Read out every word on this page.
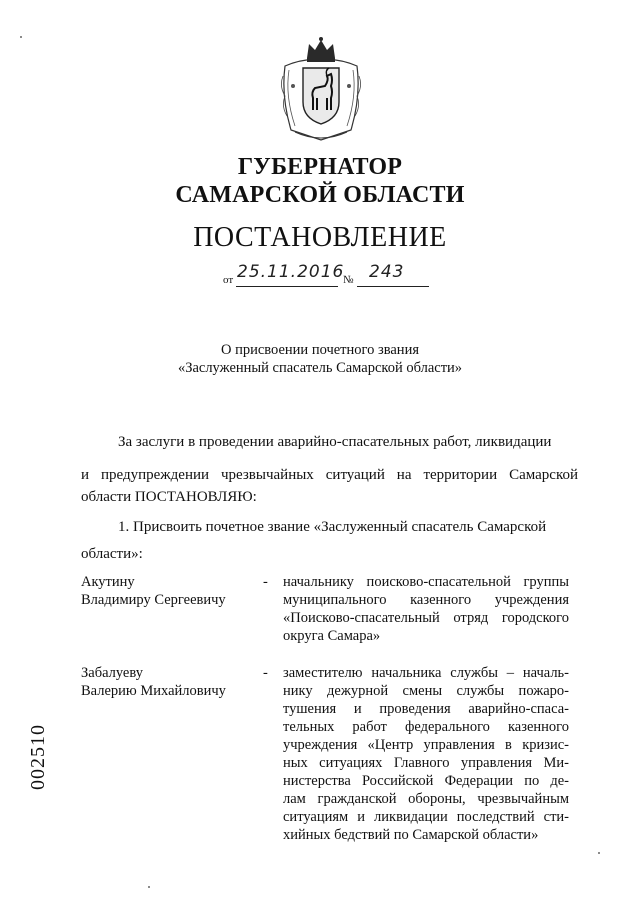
ГУБЕРНАТОР
САМАРСКОЙ ОБЛАСТИ
ПОСТАНОВЛЕНИЕ
от 25.11.2016
№ 243
О присвоении почетного звания
«Заслуженный спасатель Самарской области»
За заслуги в проведении аварийно-спасательных работ, ликвидации
и предупреждении чрезвычайных ситуаций на территории Самарской
области ПОСТАНОВЛЯЮ:
1. Присвоить почетное звание «Заслуженный спасатель Самарской
области»:
Акутину
Владимиру Сергеевичу
- начальнику поисково-спасательной группы
муниципального казенного учреждения
«Поисково-спасательный отряд городского
округа Самара»
Забалуеву
Валерию Михайловичу
- заместителю начальника службы – началь-
нику дежурной смены службы пожаро-
тушения и проведения аварийно-спаса-
тельных работ федерального казенного
учреждения «Центр управления в кризис-
ных ситуациях Главного управления Ми-
нистерства Российской Федерации по де-
лам гражданской обороны, чрезвычайным
ситуациям и ликвидации последствий сти-
хийных бедствий по Самарской области»
002510
